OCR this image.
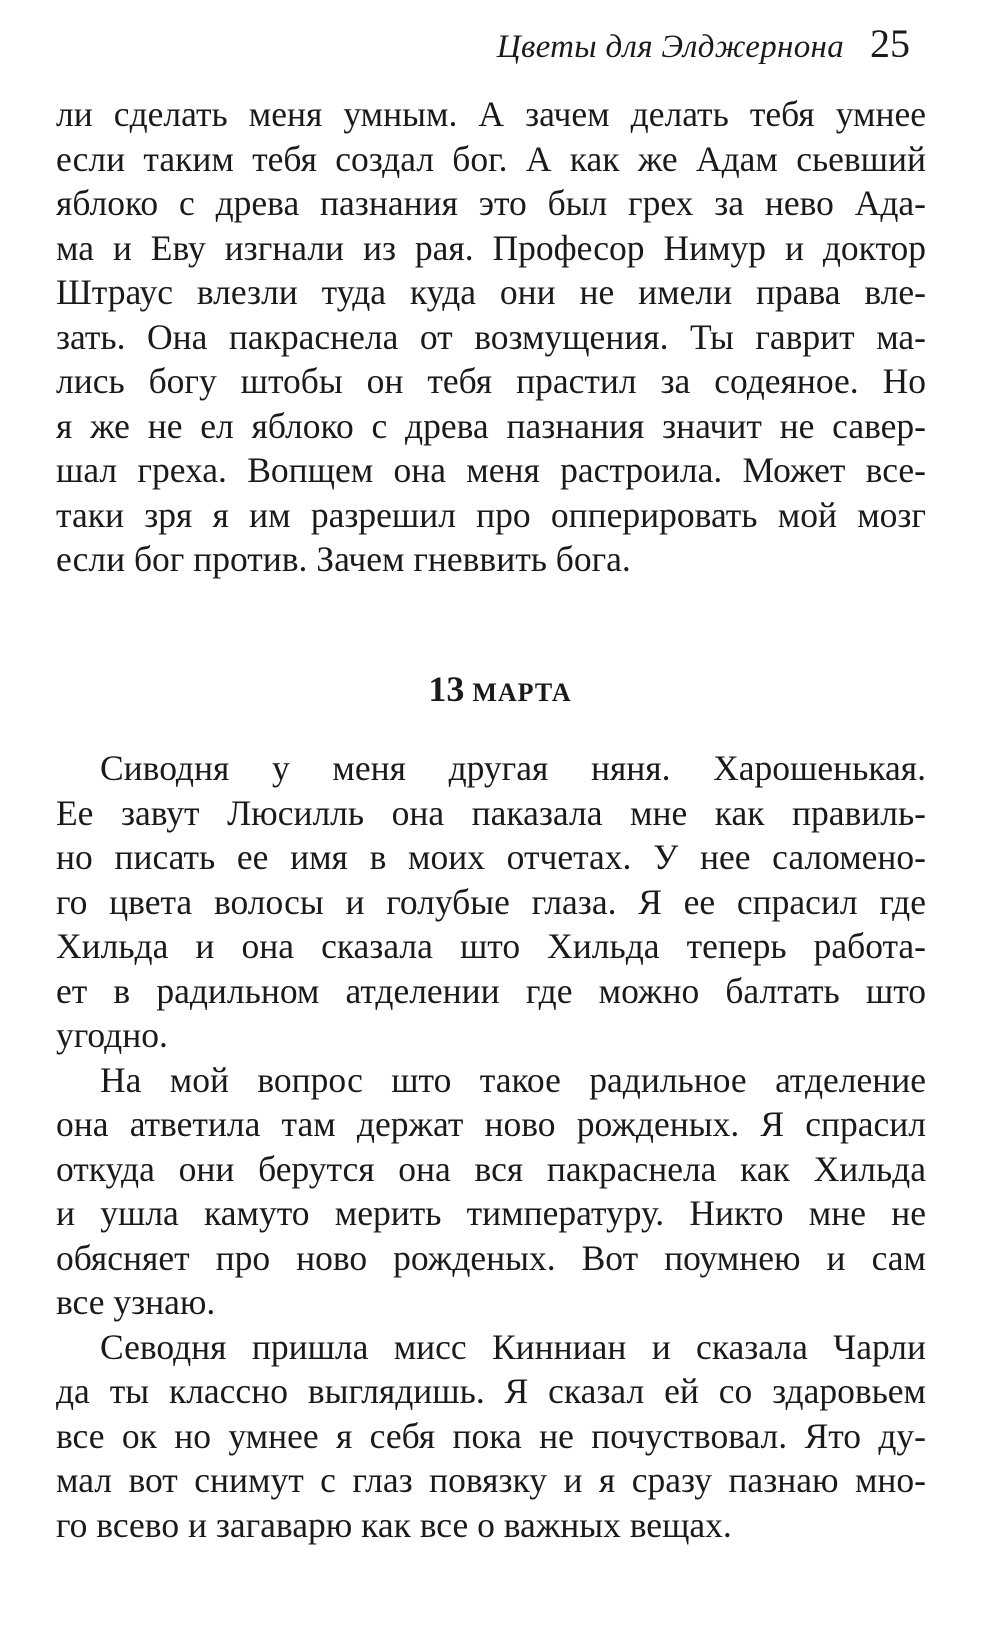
Цветы для Элджернона 25
ли сделать меня умным. А зачем делать тебя умнее
если таким тебя создал бог. А как же Адам сьевший
яблоко с древа пазнания это был грех за нево Ада-
ма и Еву изгнали из рая. Професор Нимур и доктор
Штраус влезли туда куда они не имели права вле-
зать. Она пакраснела от возмущения. Ты гаврит ма-
лись богу штобы он тебя прастил за содеяное. Но
я же не ел яблоко с древа пазнания значит не савер-
шал греха. Вопщем она меня растроила. Может все-
таки зря я им разрешил про опперировать мой мозг
если бог против. Зачем гневвить бога.
13 МАРТА
Сиводня у меня другая няня. Харошенькая.
Ее завут Люсилль она паказала мне как правиль-
но писать ее имя в моих отчетах. У нее саломено-
го цвета волосы и голубые глаза. Я ее спрасил где
Хильда и она сказала што Хильда теперь работа-
ет в радильном атделении где можно балтать што
угодно.
На мой вопрос што такое радильное атделение
она атветила там держат ново рожденых. Я спрасил
откуда они берутся она вся пакраснела как Хильда
и ушла камуто мерить тимпературу. Никто мне не
обясняет про ново рожденых. Вот поумнею и сам
все узнаю.
Севодня пришла мисс Кинниан и сказала Чарли
да ты классно выглядишь. Я сказал ей со здаровьем
все ок но умнее я себя пока не почуствовал. Ято ду-
мал вот снимут с глаз повязку и я сразу пазнаю мно-
го всево и загаварю как все о важных вещах.
